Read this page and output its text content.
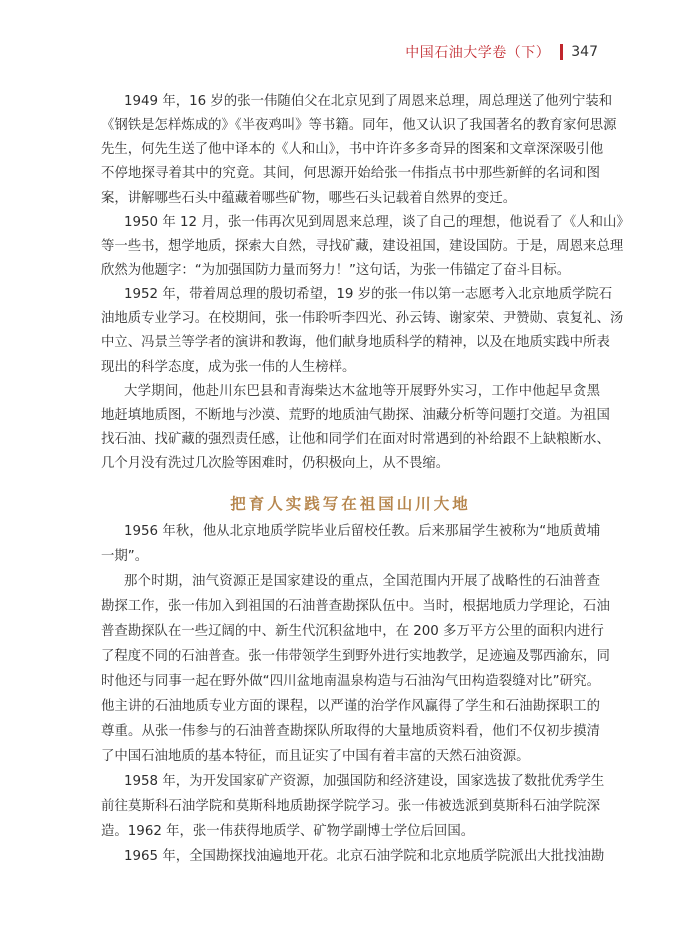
中国石油大学卷（下） 347
1949 年，16 岁的张一伟随伯父在北京见到了周恩来总理，周总理送了他列宁装和
《钢铁是怎样炼成的》《半夜鸡叫》等书籍。同年，他又认识了我国著名的教育家何思源
先生，何先生送了他中译本的《人和山》，书中许许多多奇异的图案和文章深深吸引他
不停地探寻着其中的究竟。其间，何思源开始给张一伟指点书中那些新鲜的名词和图
案，讲解哪些石头中蕴藏着哪些矿物，哪些石头记载着自然界的变迁。
1950 年 12 月，张一伟再次见到周恩来总理，谈了自己的理想，他说看了《人和山》
等一些书，想学地质，探索大自然，寻找矿藏，建设祖国，建设国防。于是，周恩来总理
欣然为他题字：“为加强国防力量而努力！”这句话，为张一伟锚定了奋斗目标。
1952 年，带着周总理的殷切希望，19 岁的张一伟以第一志愿考入北京地质学院石
油地质专业学习。在校期间，张一伟聆听李四光、孙云铸、谢家荣、尹赞勋、袁复礼、汤
中立、冯景兰等学者的演讲和教诲，他们献身地质科学的精神，以及在地质实践中所表
现出的科学态度，成为张一伟的人生榜样。
大学期间，他赴川东巴县和青海柴达木盆地等开展野外实习，工作中他起早贪黑
地赶填地质图，不断地与沙漠、荒野的地质油气勘探、油藏分析等问题打交道。为祖国
找石油、找矿藏的强烈责任感，让他和同学们在面对时常遇到的补给跟不上缺粮断水、
几个月没有洗过几次脸等困难时，仍积极向上，从不畏缩。
把育人实践写在祖国山川大地
1956 年秋，他从北京地质学院毕业后留校任教。后来那届学生被称为“地质黄埔
一期”。
那个时期，油气资源正是国家建设的重点，全国范围内开展了战略性的石油普查
勘探工作，张一伟加入到祖国的石油普查勘探队伍中。当时，根据地质力学理论，石油
普查勘探队在一些辽阔的中、新生代沉积盆地中，在 200 多万平方公里的面积内进行
了程度不同的石油普查。张一伟带领学生到野外进行实地教学，足迹遍及鄂西渝东，同
时他还与同事一起在野外做“四川盆地南温泉构造与石油沟气田构造裂缝对比”研究。
他主讲的石油地质专业方面的课程，以严谨的治学作风赢得了学生和石油勘探职工的
尊重。从张一伟参与的石油普查勘探队所取得的大量地质资料看，他们不仅初步摸清
了中国石油地质的基本特征，而且证实了中国有着丰富的天然石油资源。
1958 年，为开发国家矿产资源，加强国防和经济建设，国家选拔了数批优秀学生
前往莫斯科石油学院和莫斯科地质勘探学院学习。张一伟被选派到莫斯科石油学院深
造。1962 年，张一伟获得地质学、矿物学副博士学位后回国。
1965 年，全国勘探找油遍地开花。北京石油学院和北京地质学院派出大批找油勘
